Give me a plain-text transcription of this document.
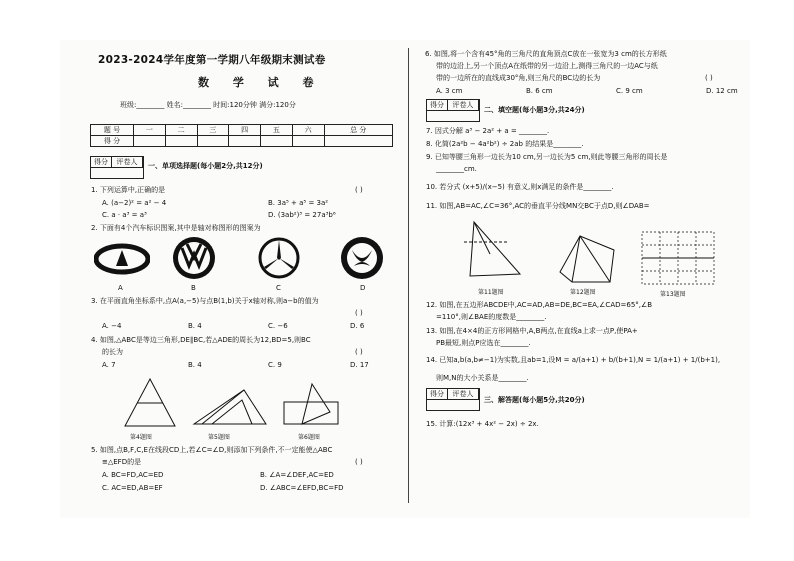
2023-2024学年度第一学期八年级期末测试卷
数 学 试 卷
班级:________ 姓名:________ 时间:120分钟 满分:120分
题 号	一	二	三	四	五	六	总 分
得 分							
得分 评卷人	一、单项选择题(每小题2分,共12分)
1. 下列运算中,正确的是	( )
A. (a−2)² = a² − 4	B. 3a⁵ + a⁵ = 3a²
C. a · a³ = a³	D. (3ab²)³ = 27a³b⁶
2. 下面有4个汽车标识图案,其中是轴对称图形的图案为
A	B	C	D
3. 在平面直角坐标系中,点A(a,−5)与点B(1,b)关于x轴对称,则a−b的值为
( )
A. −4	B. 4	C. −6	D. 6
4. 如图,△ABC是等边三角形,DE∥BC,若△ADE的周长为12,BD=5,则BC
的长为	( )
A. 7	B. 4	C. 9	D. 17
第4题图	第5题图	第6题图
5. 如图,点B,F,C,E在线段CD上,若∠C=∠D,则添加下列条件,不一定能使△ABC
≌△EFD的是	( )
A. BC=FD,AC=ED	B. ∠A=∠DEF,AC=ED
C. AC=ED,AB=EF	D. ∠ABC=∠EFD,BC=FD
6. 如图,将一个含有45°角的三角尺的直角顶点C放在一张宽为3 cm的长方形纸
带的边沿上,另一个顶点A在纸带的另一边沿上,测得三角尺的一边AC与纸
带的一边所在的直线成30°角,则三角尺的BC边的长为	( )
A. 3 cm	B. 6 cm	C. 9 cm	D. 12 cm
得分 评卷人
二、填空题(每小题3分,共24分)
7. 因式分解 a³ − 2a² + a = ________.
8. 化简(2a²b − 4a²b²) ÷ 2ab 的结果是________.
9. 已知等腰三角形一边长为10 cm,另一边长为5 cm,则此等腰三角形的周长是
________cm.
10. 若分式 (x+5)/(x−5) 有意义,则x满足的条件是________.
11. 如图,AB=AC,∠C=36°,AC的垂直平分线MN交BC于点D,则∠DAB=
第11题图	第12题图	第13题图
12. 如图,在五边形ABCDE中,AC=AD,AB=DE,BC=EA,∠CAD=65°,∠B
=110°,则∠BAE的度数是________.
13. 如图,在4×4的正方形网格中,A,B两点,在直线a上求一点P,使PA+
PB最短,则点P应选在________.
14. 已知a,b(a,b≠−1)为实数,且ab=1,设M = a/(a+1) + b/(b+1),N = 1/(a+1) + 1/(b+1),
则M,N的大小关系是________.
得分 评卷人
三、解答题(每小题5分,共20分)
15. 计算:(12x³ + 4x² − 2x) ÷ 2x.
